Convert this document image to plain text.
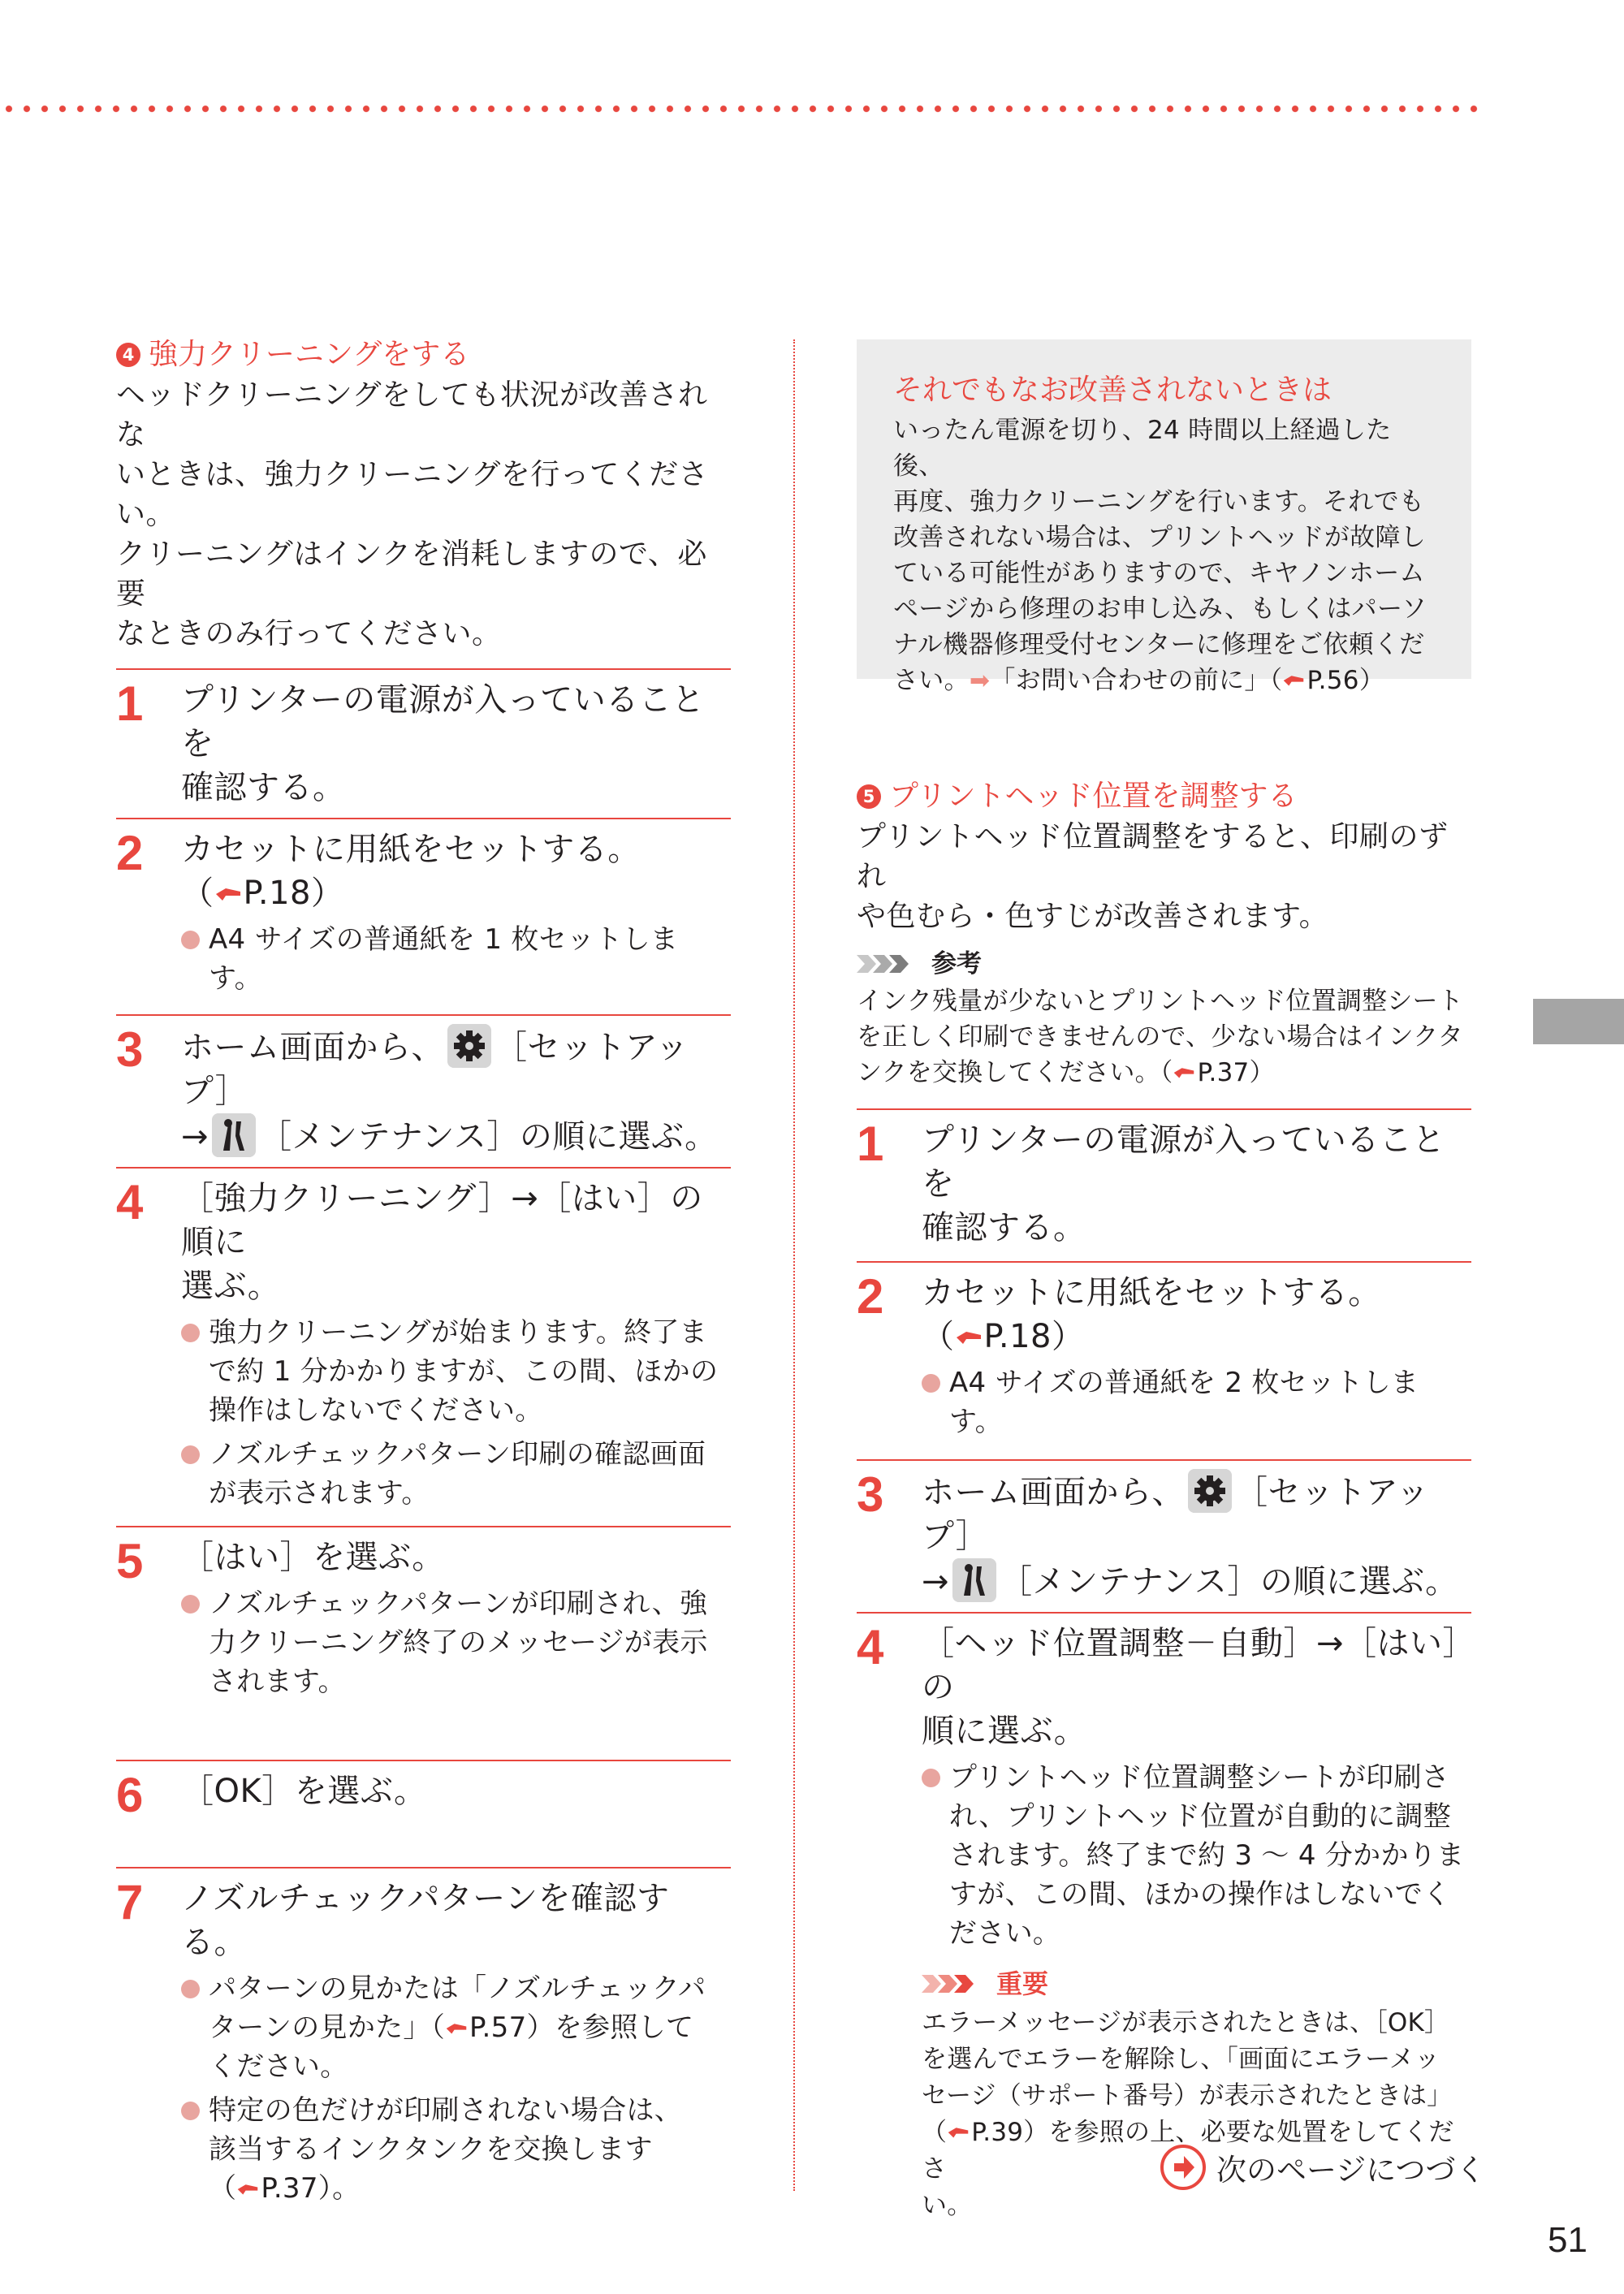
4 強力クリーニングをする

ヘッドクリーニングをしても状況が改善されな
いときは、強力クリーニングを行ってください。
クリーニングはインクを消耗しますので、必要
なときのみ行ってください。

1	プリンターの電源が入っていることを
確認する。

2	カセットに用紙をセットする。
（ P.18）

A4 サイズの普通紙を 1 枚セットします。

3	ホーム画面から、 ［セットアップ］
→ ［メンテナンス］の順に選ぶ。

4	［強力クリーニング］→［はい］の順に
選ぶ。

強力クリーニングが始まります。終了ま
で約 1 分かかりますが、この間、ほかの
操作はしないでください。

ノズルチェックパターン印刷の確認画面
が表示されます。

5	［はい］を選ぶ。

ノズルチェックパターンが印刷され、強
力クリーニング終了のメッセージが表示
されます。

6	［OK］を選ぶ。

7	ノズルチェックパターンを確認する。

パターンの見かたは「ノズルチェックパ
ターンの見かた」（ P.57）を参照して
ください。

特定の色だけが印刷されない場合は、
該当するインクタンクを交換します
（ P.37）。

それでもなお改善されないときは

いったん電源を切り、24 時間以上経過した後、
再度、強力クリーニングを行います。それでも
改善されない場合は、プリントヘッドが故障し
ている可能性がありますので、キヤノンホーム
ページから修理のお申し込み、もしくはパーソ
ナル機器修理受付センターに修理をご依頼くだ
さい。➡「お問い合わせの前に」（ P.56）

5 プリントヘッド位置を調整する

プリントヘッド位置調整をすると、印刷のずれ
や色むら・色すじが改善されます。

参考

インク残量が少ないとプリントヘッド位置調整シート
を正しく印刷できませんので、少ない場合はインクタ
ンクを交換してください。（ P.37）

1	プリンターの電源が入っていることを
確認する。

2	カセットに用紙をセットする。
（ P.18）

A4 サイズの普通紙を 2 枚セットします。

3	ホーム画面から、 ［セットアップ］
→ ［メンテナンス］の順に選ぶ。

4	［ヘッド位置調整－自動］→［はい］の
順に選ぶ。

プリントヘッド位置調整シートが印刷さ
れ、プリントヘッド位置が自動的に調整
されます。終了まで約 3 ～ 4 分かかりま
すが、この間、ほかの操作はしないでく
ださい。

重要

エラーメッセージが表示されたときは、［OK］
を選んでエラーを解除し、「画面にエラーメッ
セージ（サポート番号）が表示されたときは」
（ P.39）を参照の上、必要な処置をしてくださ
い。

次のページにつづく
51
